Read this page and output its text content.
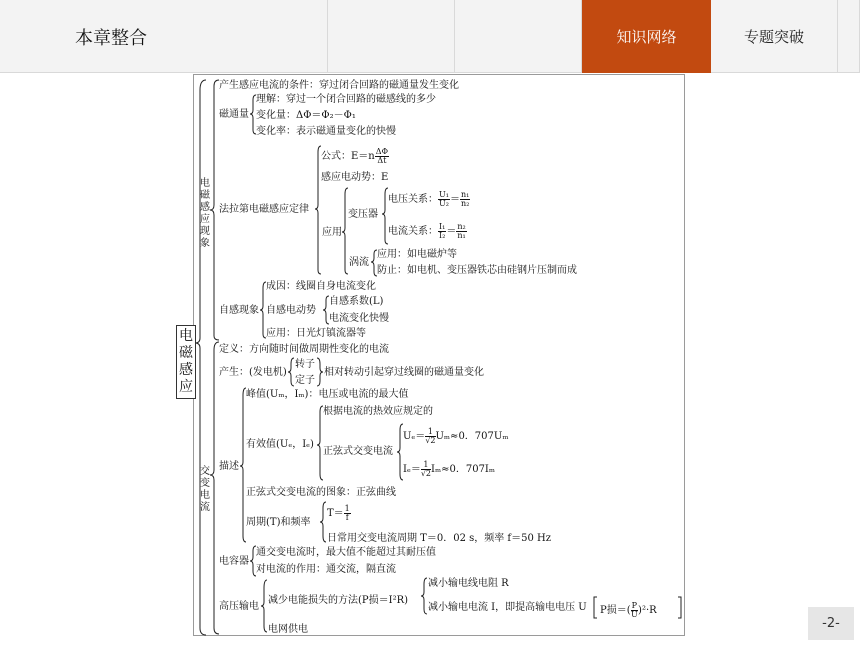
本章整合	知识网络	专题突破
电磁感应
电磁感应现象
产生感应电流的条件：穿过闭合回路的磁通量发生变化
磁通量
理解：穿过一个闭合回路的磁感线的多少
变化量：ΔΦ＝Φ₂－Φ₁
变化率：表示磁通量变化的快慢
法拉第电磁感应定律
公式：$E=n \frac{\Delta\Phi}{\Delta t}$
感应电动势：E
应用
变压器
电压关系： $\frac{\text{U₁}}{\text{U₂}} = \frac{\text{n₁}}{\text{n₂}}$
电流关系： $\frac{\text{I₁}}{\text{I₂}} = \frac{\text{n₂}}{\text{n₁}}$
涡流
应用：如电磁炉等
防止：如电机、变压器铁芯由硅钢片压制而成
自感现象
成因：线圈自身电流变化
自感电动势
自感系数(L)
电流变化快慢
应用：日光灯镇流器等
交变电流
定义：方向随时间做周期性变化的电流
产生：(发电机)
转子
定子
相对转动引起穿过线圈的磁通量变化
描述
峰值(Uₘ，Iₘ)：电压或电流的最大值
有效值(Uₑ，Iₑ)
根据电流的热效应规定的
正弦式交变电流
$U_e= \frac{1}{√2} U_m\approx 0$．707Uₘ
$I_e= \frac{1}{√2} I_m\approx 0$．707Iₘ
正弦式交变电流的图象：正弦曲线
周期(T)和频率
$T= \frac{1}{f}$
日常用交变电流周期 T＝0．02 s，频率 f＝50 Hz
电容器
通交变电流时，最大值不能超过其耐压值
对电流的作用：通交流，隔直流
高压输电
减少电能损失的方法(P损＝I²R)
减小输电线电阻 R
减小输电电流 I，即提高输电电压 U P损＝( $\frac{P}{U} )^2\cdot R$
电网供电	-2-
